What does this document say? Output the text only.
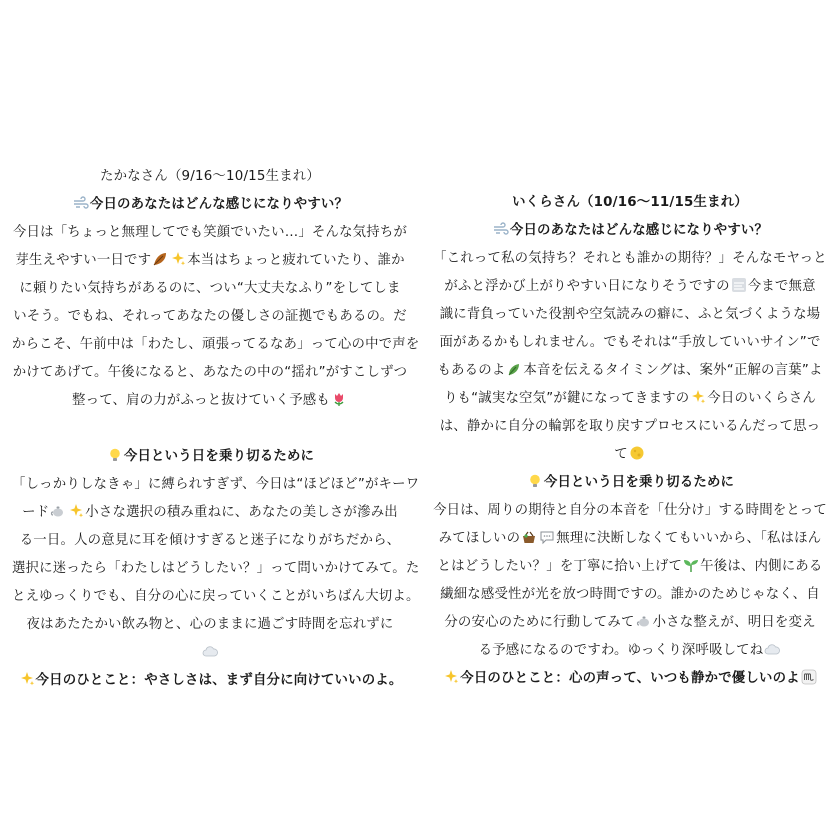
たかなさん（9/16〜10/15生まれ）
今日のあなたはどんな感じになりやすい？
今日は「ちょっと無理してでも笑顔でいたい…」そんな気持ちが
芽生えやすい一日です	本当はちょっと疲れていたり、誰か
に頼りたい気持ちがあるのに、つい“大丈夫なふり”をしてしま
いそう。でもね、それってあなたの優しさの証拠でもあるの。だ
からこそ、午前中は「わたし、頑張ってるなあ」って心の中で声を
かけてあげて。午後になると、あなたの中の“揺れ”がすこしずつ
整って、肩の力がふっと抜けていく予感も
今日という日を乗り切るために
「しっかりしなきゃ」に縛られすぎず、今日は“ほどほど”がキーワ
ード	小さな選択の積み重ねに、あなたの美しさが滲み出
る一日。人の意見に耳を傾けすぎると迷子になりがちだから、
選択に迷ったら「わたしはどうしたい？」って問いかけてみて。た
とえゆっくりでも、自分の心に戻っていくことがいちばん大切よ。
夜はあたたかい飲み物と、心のままに過ごす時間を忘れずに
今日のひとこと：やさしさは、まず自分に向けていいのよ。
いくらさん（10/16〜11/15生まれ）
今日のあなたはどんな感じになりやすい？
「これって私の気持ち？それとも誰かの期待？」そんなモヤっと
がふと浮かび上がりやすい日になりそうですの 今まで無意
識に背負っていた役割や空気読みの癖に、ふと気づくような場
面があるかもしれません。でもそれは“手放していいサイン”で
もあるのよ 本音を伝えるタイミングは、案外“正解の言葉”よ
りも“誠実な空気”が鍵になってきますの 今日のいくらさん
は、静かに自分の輪郭を取り戻すプロセスにいるんだって思っ
て
今日という日を乗り切るために
今日は、周りの期待と自分の本音を「仕分け」する時間をとって
みてほしいの	無理に決断しなくてもいいから、「私はほん
とはどうしたい？」を丁寧に拾い上げて 午後は、内側にある
繊細な感受性が光を放つ時間ですの。誰かのためじゃなく、自
分の安心のために行動してみて 小さな整えが、明日を変え
る予感になるのですわ。ゆっくり深呼吸してね
今日のひとこと：心の声って、いつも静かで優しいのよ
